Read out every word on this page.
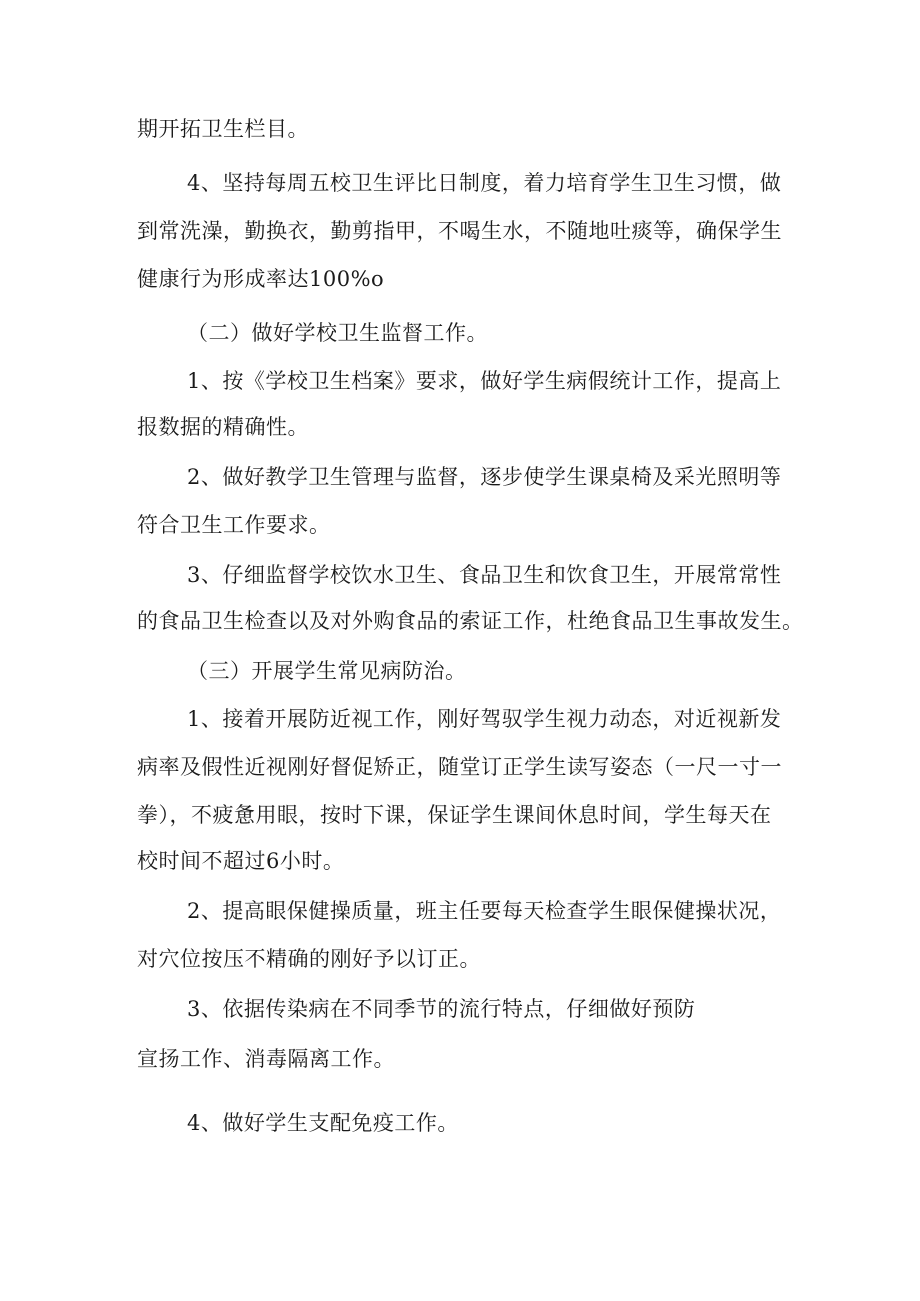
期开拓卫生栏目。
4、坚持每周五校卫生评比日制度，着力培育学生卫生习惯，做
到常洗澡，勤换衣，勤剪指甲，不喝生水，不随地吐痰等，确保学生
健康行为形成率达100%o
（二）做好学校卫生监督工作。
1、按《学校卫生档案》要求，做好学生病假统计工作，提高上
报数据的精确性。
2、做好教学卫生管理与监督，逐步使学生课桌椅及采光照明等
符合卫生工作要求。
3、仔细监督学校饮水卫生、食品卫生和饮食卫生，开展常常性
的食品卫生检查以及对外购食品的索证工作，杜绝食品卫生事故发生。
（三）开展学生常见病防治。
1、接着开展防近视工作，刚好驾驭学生视力动态，对近视新发
病率及假性近视刚好督促矫正，随堂订正学生读写姿态（一尺一寸一
拳），不疲惫用眼，按时下课，保证学生课间休息时间，学生每天在
校时间不超过6小时。
2、提高眼保健操质量，班主任要每天检查学生眼保健操状况，
对穴位按压不精确的刚好予以订正。
3、依据传染病在不同季节的流行特点，仔细做好预防
宣扬工作、消毒隔离工作。
4、做好学生支配免疫工作。
